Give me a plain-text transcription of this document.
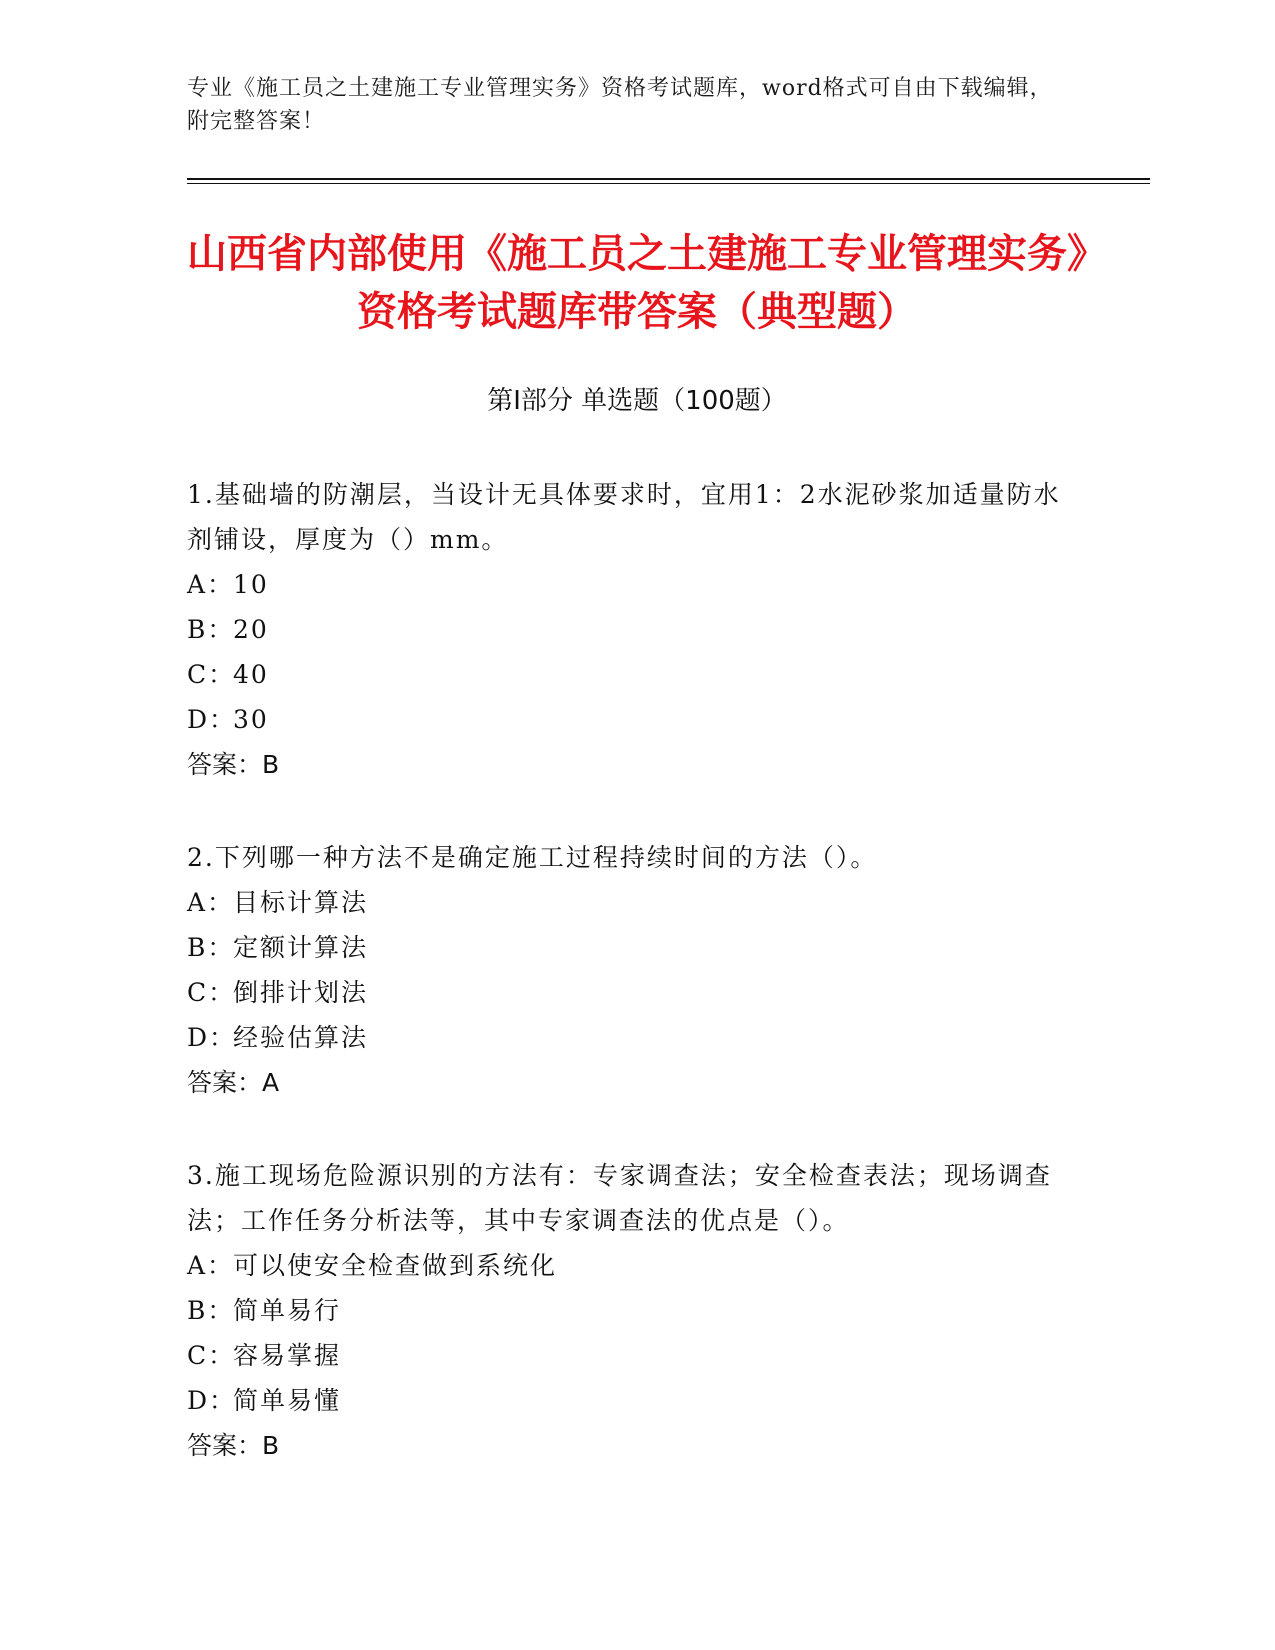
专业《施工员之土建施工专业管理实务》资格考试题库，word格式可自由下载编辑，附完整答案！
山西省内部使用《施工员之土建施工专业管理实务》资格考试题库带答案（典型题）
第I部分 单选题（100题）
1.基础墙的防潮层，当设计无具体要求时，宜用1：2水泥砂浆加适量防水剂铺设，厚度为（）mm。
A：10
B：20
C：40
D：30
答案：B
2.下列哪一种方法不是确定施工过程持续时间的方法（）。
A：目标计算法
B：定额计算法
C：倒排计划法
D：经验估算法
答案：A
3.施工现场危险源识别的方法有：专家调查法；安全检查表法；现场调查法；工作任务分析法等，其中专家调查法的优点是（）。
A：可以使安全检查做到系统化
B：简单易行
C：容易掌握
D：简单易懂
答案：B
